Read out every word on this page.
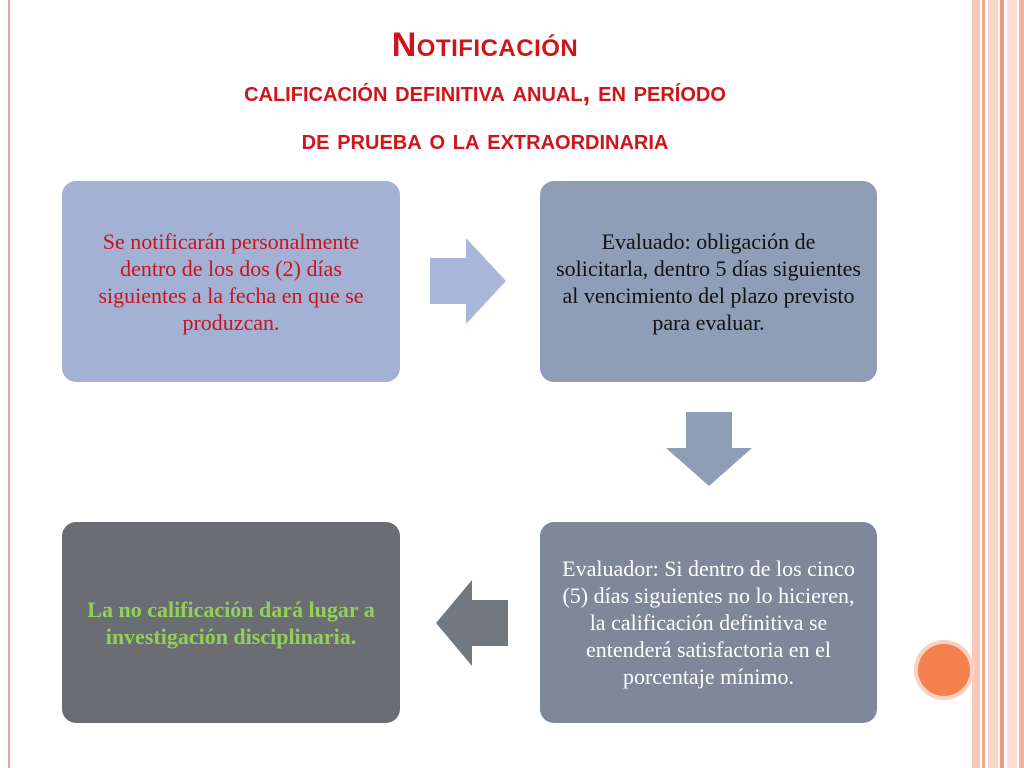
Notificación
calificación definitiva anual, en período
de prueba o la extraordinaria
Se notificarán personalmente dentro de los dos (2) días siguientes a la fecha en que se produzcan.
Evaluado: obligación de solicitarla, dentro 5 días siguientes al vencimiento del plazo previsto para evaluar.
Evaluador: Si dentro de los cinco (5) días siguientes no lo hicieren, la calificación definitiva se entenderá satisfactoria en el porcentaje mínimo.
La no calificación dará lugar a investigación disciplinaria.
